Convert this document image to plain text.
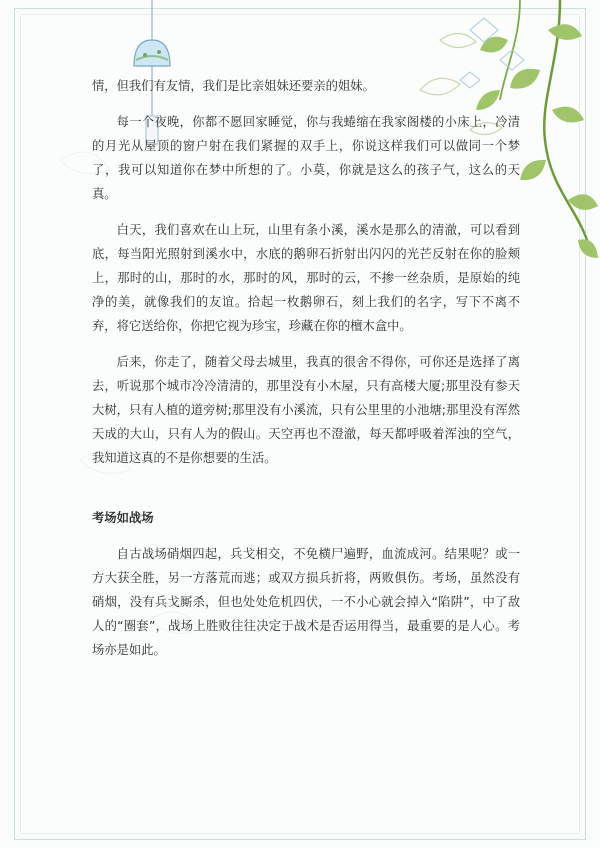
情，但我们有友情，我们是比亲姐妹还要亲的姐妹。

每一个夜晚，你都不愿回家睡觉，你与我蜷缩在我家阁楼的小床上，冷清的月光从屋顶的窗户射在我们紧握的双手上，你说这样我们可以做同一个梦了，我可以知道你在梦中所想的了。小莫，你就是这么的孩子气，这么的天真。

白天，我们喜欢在山上玩，山里有条小溪，溪水是那么的清澈，可以看到底，每当阳光照射到溪水中，水底的鹅卵石折射出闪闪的光芒反射在你的脸颊上，那时的山，那时的水，那时的风，那时的云，不掺一丝杂质，是原始的纯净的美，就像我们的友谊。拾起一枚鹅卵石，刻上我们的名字，写下不离不弃，将它送给你，你把它视为珍宝，珍藏在你的檀木盒中。

后来，你走了，随着父母去城里，我真的很舍不得你，可你还是选择了离去，听说那个城市冷冷清清的，那里没有小木屋，只有高楼大厦;那里没有参天大树，只有人植的道旁树;那里没有小溪流，只有公里里的小池塘;那里没有浑然天成的大山，只有人为的假山。天空再也不澄澈，每天都呼吸着浑浊的空气，我知道这真的不是你想要的生活。

考场如战场

自古战场硝烟四起，兵戈相交，不免横尸遍野，血流成河。结果呢？或一方大获全胜，另一方落荒而逃；或双方损兵折将，两败俱伤。考场，虽然没有硝烟，没有兵戈厮杀，但也处处危机四伏，一不小心就会掉入“陷阱”，中了敌人的“圈套”，战场上胜败往往决定于战术是否运用得当，最重要的是人心。考场亦是如此。
